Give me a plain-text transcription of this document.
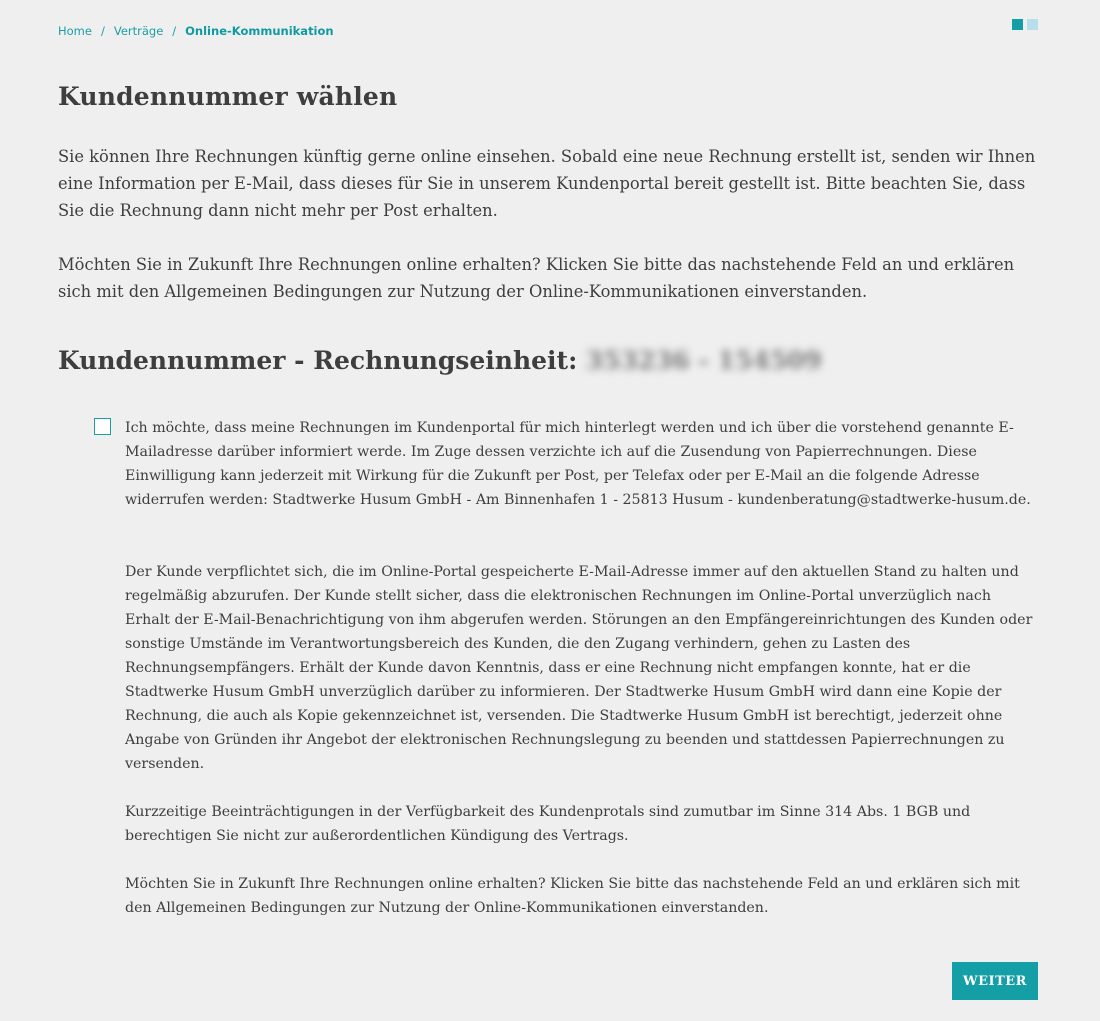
Home / Verträge / Online-Kommunikation
Kundennummer wählen

Sie können Ihre Rechnungen künftig gerne online einsehen. Sobald eine neue Rechnung erstellt ist, senden wir Ihnen eine Information per E-Mail, dass dieses für Sie in unserem Kundenportal bereit gestellt ist. Bitte beachten Sie, dass Sie die Rechnung dann nicht mehr per Post erhalten.

Möchten Sie in Zukunft Ihre Rechnungen online erhalten? Klicken Sie bitte das nachstehende Feld an und erklären sich mit den Allgemeinen Bedingungen zur Nutzung der Online-Kommunikationen einverstanden.

Kundennummer - Rechnungseinheit: 353236 - 154509

Ich möchte, dass meine Rechnungen im Kundenportal für mich hinterlegt werden und ich über die vorstehend genannte E-Mailadresse darüber informiert werde. Im Zuge dessen verzichte ich auf die Zusendung von Papierrechnungen. Diese Einwilligung kann jederzeit mit Wirkung für die Zukunft per Post, per Telefax oder per E-Mail an die folgende Adresse widerrufen werden: Stadtwerke Husum GmbH - Am Binnenhafen 1 - 25813 Husum - kundenberatung@stadtwerke-husum.de.

Der Kunde verpflichtet sich, die im Online-Portal gespeicherte E-Mail-Adresse immer auf den aktuellen Stand zu halten und regelmäßig abzurufen. Der Kunde stellt sicher, dass die elektronischen Rechnungen im Online-Portal unverzüglich nach Erhalt der E-Mail-Benachrichtigung von ihm abgerufen werden. Störungen an den Empfängereinrichtungen des Kunden oder sonstige Umstände im Verantwortungsbereich des Kunden, die den Zugang verhindern, gehen zu Lasten des Rechnungsempfängers. Erhält der Kunde davon Kenntnis, dass er eine Rechnung nicht empfangen konnte, hat er die Stadtwerke Husum GmbH unverzüglich darüber zu informieren. Der Stadtwerke Husum GmbH wird dann eine Kopie der Rechnung, die auch als Kopie gekennzeichnet ist, versenden. Die Stadtwerke Husum GmbH ist berechtigt, jederzeit ohne Angabe von Gründen ihr Angebot der elektronischen Rechnungslegung zu beenden und stattdessen Papierrechnungen zu versenden.

Kurzzeitige Beeinträchtigungen in der Verfügbarkeit des Kundenprotals sind zumutbar im Sinne 314 Abs. 1 BGB und berechtigen Sie nicht zur außerordentlichen Kündigung des Vertrags.

Möchten Sie in Zukunft Ihre Rechnungen online erhalten? Klicken Sie bitte das nachstehende Feld an und erklären sich mit den Allgemeinen Bedingungen zur Nutzung der Online-Kommunikationen einverstanden.

WEITER
